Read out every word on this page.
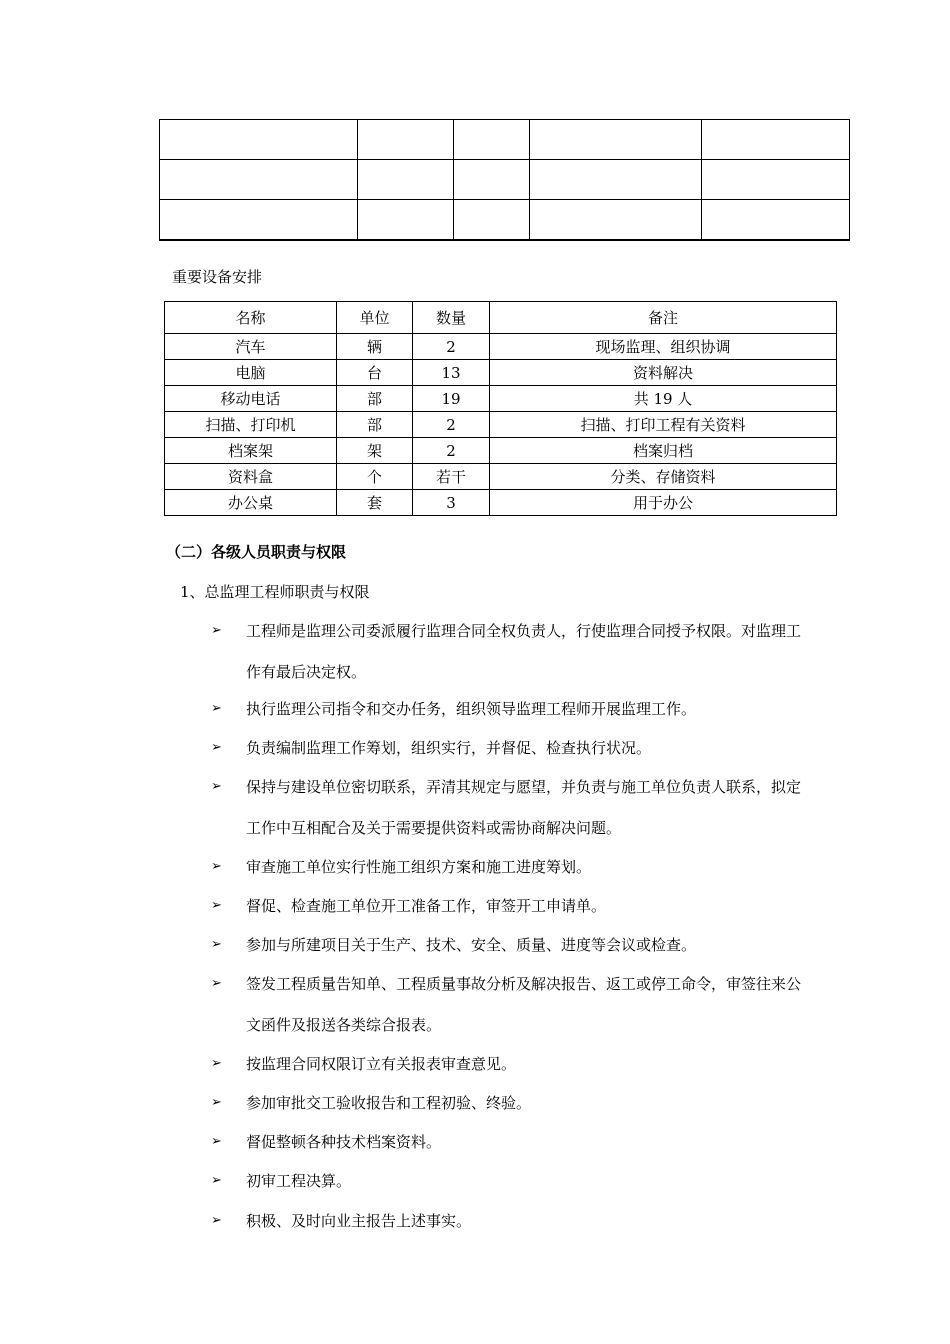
重要设备安排
名称	单位	数量	备注
汽车	辆	2	现场监理、组织协调
电脑	台	13	资料解决
移动电话	部	19	共 19 人
扫描、打印机	部	2	扫描、打印工程有关资料
档案架	架	2	档案归档
资料盒	个	若干	分类、存储资料
办公桌	套	3	用于办公
（二）各级人员职责与权限
1、总监理工程师职责与权限
➢ 工程师是监理公司委派履行监理合同全权负责人，行使监理合同授予权限。对监理工
作有最后决定权。
➢ 执行监理公司指令和交办任务，组织领导监理工程师开展监理工作。
➢ 负责编制监理工作筹划，组织实行，并督促、检查执行状况。
➢ 保持与建设单位密切联系，弄清其规定与愿望，并负责与施工单位负责人联系，拟定
工作中互相配合及关于需要提供资料或需协商解决问题。
➢ 审查施工单位实行性施工组织方案和施工进度筹划。
➢ 督促、检查施工单位开工准备工作，审签开工申请单。
➢ 参加与所建项目关于生产、技术、安全、质量、进度等会议或检查。
➢ 签发工程质量告知单、工程质量事故分析及解决报告、返工或停工命令，审签往来公
文函件及报送各类综合报表。
➢ 按监理合同权限订立有关报表审查意见。
➢ 参加审批交工验收报告和工程初验、终验。
➢ 督促整顿各种技术档案资料。
➢ 初审工程决算。
➢ 积极、及时向业主报告上述事实。
